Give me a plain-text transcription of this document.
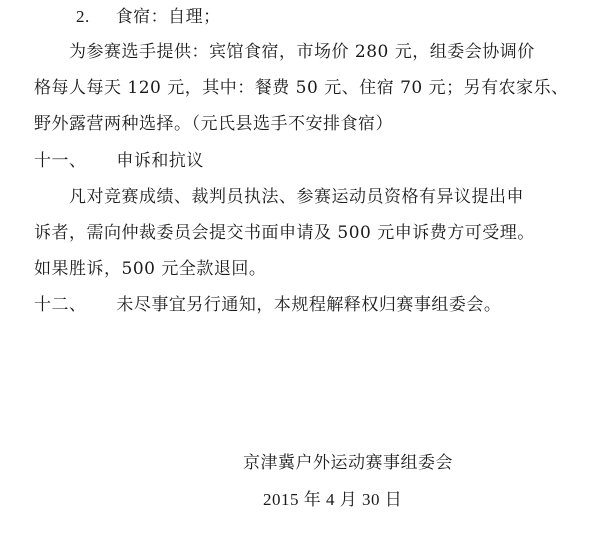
2. 食宿：自理；
为参赛选手提供：宾馆食宿，市场价 280 元，组委会协调价
格每人每天 120 元，其中：餐费 50 元、住宿 70 元；另有农家乐、
野外露营两种选择。（元氏县选手不安排食宿）
十一、 申诉和抗议
凡对竞赛成绩、裁判员执法、参赛运动员资格有异议提出申
诉者，需向仲裁委员会提交书面申请及 500 元申诉费方可受理。
如果胜诉，500 元全款退回。
十二、 未尽事宜另行通知，本规程解释权归赛事组委会。
京津冀户外运动赛事组委会
2015 年 4 月 30 日
